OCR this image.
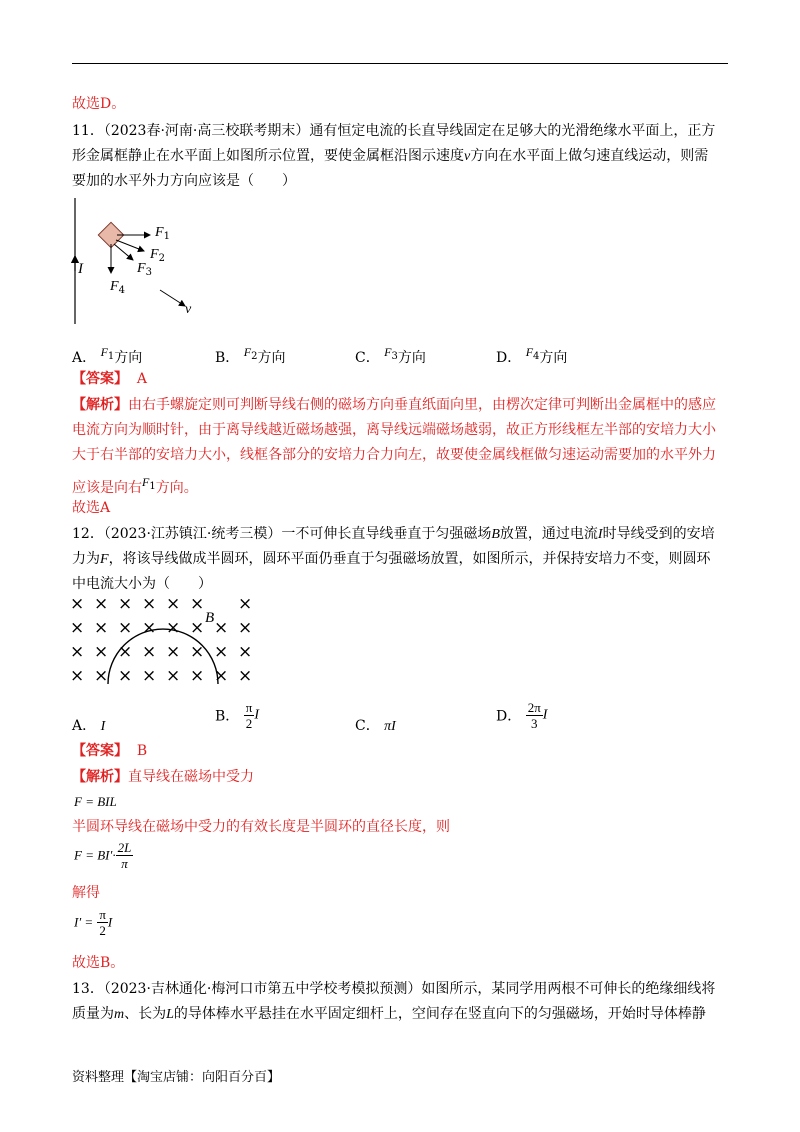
故选D。
11．（2023春·河南·高三校联考期末）通有恒定电流的长直导线固定在足够大的光滑绝缘水平面上，正方
形金属框静止在水平面上如图所示位置，要使金属框沿图示速度v方向在水平面上做匀速直线运动，则需
要加的水平外力方向应该是（　　）
I
$F_1$
$F_2$
$F_3$
$F_4$
v
A． $F^1$方向	B． $F^2$方向	C． $F^3$方向	D． $F^4$方向
【答案】 A
【解析】由右手螺旋定则可判断导线右侧的磁场方向垂直纸面向里，由楞次定律可判断出金属框中的感应
电流方向为顺时针，由于离导线越近磁场越强，离导线远端磁场越弱，故正方形线框左半部的安培力大小
大于右半部的安培力大小，线框各部分的安培力合力向左，故要使金属线框做匀速运动需要加的水平外力
应该是向右$F^1$方向。
故选A
12．（2023·江苏镇江·统考三模）一不可伸长直导线垂直于匀强磁场B放置，通过电流I时导线受到的安培
力为F，将该导线做成半圆环，圆环平面仍垂直于匀强磁场放置，如图所示，并保持安培力不变，则圆环
中电流大小为（　　）
× × × × × × ×
× × × × × × × ×
× × × × × × × ×
× × × × × × × ×
B
A． I
B． $\frac{\pi}{2}$ I
C． πI
D． $\frac{2\pi}{3}$ I
【答案】 B
【解析】直导线在磁场中受力
F = BIL
半圆环导线在磁场中受力的有效长度是半圆环的直径长度，则
$F = BI'\cdot \frac{2L}{\pi}$
解得
$I' = \frac{\pi}{2}$ I
故选B。
13．（2023·吉林通化·梅河口市第五中学校考模拟预测）如图所示，某同学用两根不可伸长的绝缘细线将
质量为m、长为L的导体棒水平悬挂在水平固定细杆上，空间存在竖直向下的匀强磁场，开始时导体棒静
资料整理【淘宝店铺：向阳百分百】
